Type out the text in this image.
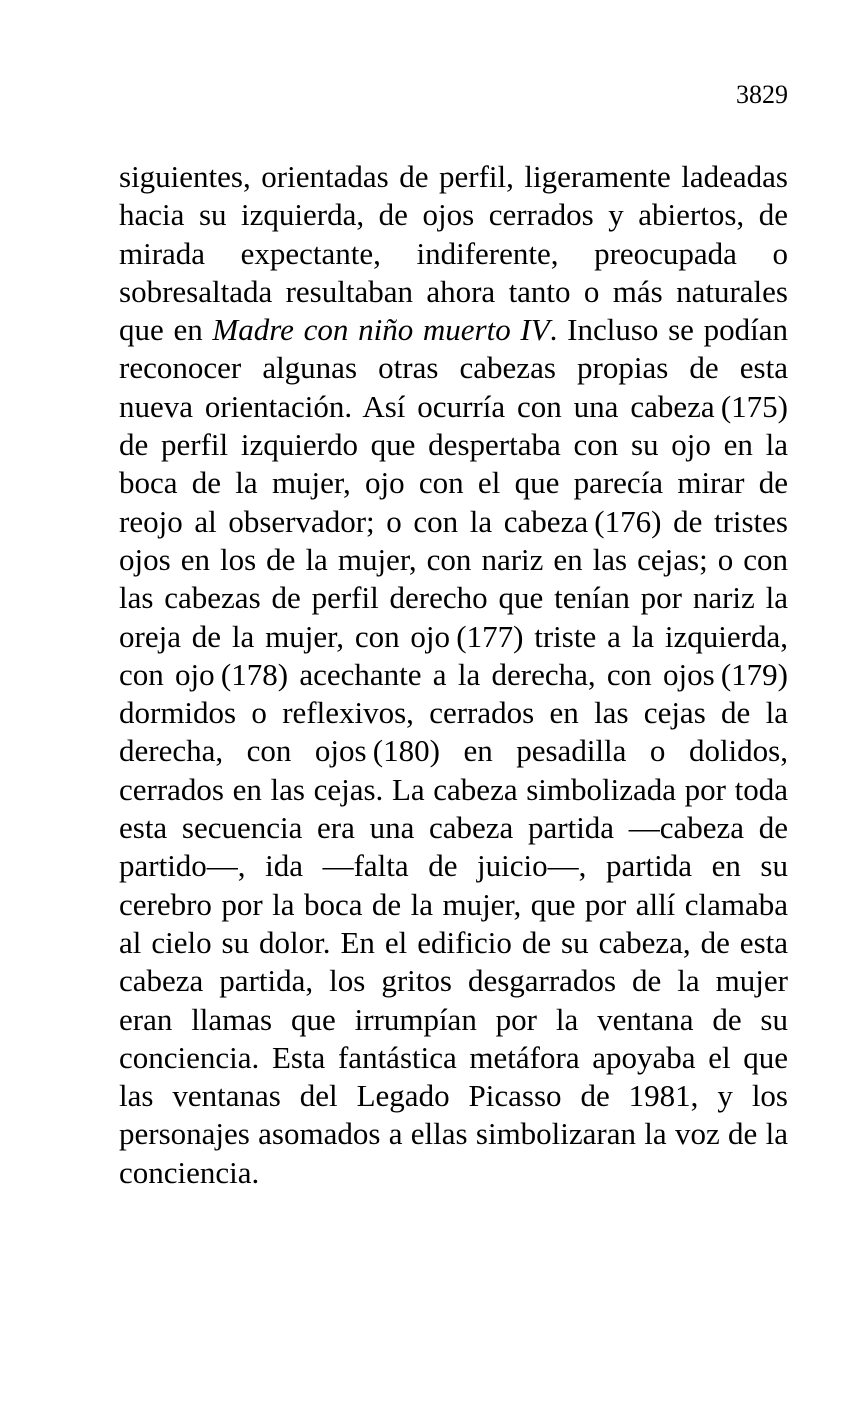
3829

siguientes, orientadas de perfil, ligeramente ladeadas hacia su izquierda, de ojos cerrados y abiertos, de mirada expectante, indiferente, preocupada o sobresaltada resultaban ahora tanto o más naturales que en Madre con niño muerto IV. Incluso se podían reconocer algunas otras cabezas propias de esta nueva orientación. Así ocurría con una cabeza (175) de perfil izquierdo que despertaba con su ojo en la boca de la mujer, ojo con el que parecía mirar de reojo al observador; o con la cabeza (176) de tristes ojos en los de la mujer, con nariz en las cejas; o con las cabezas de perfil derecho que tenían por nariz la oreja de la mujer, con ojo (177) triste a la izquierda, con ojo (178) acechante a la derecha, con ojos (179) dormidos o reflexivos, cerrados en las cejas de la derecha, con ojos (180) en pesadilla o dolidos, cerrados en las cejas. La cabeza simbolizada por toda esta secuencia era una cabeza partida —cabeza de partido—, ida —falta de juicio—, partida en su cerebro por la boca de la mujer, que por allí clamaba al cielo su dolor. En el edificio de su cabeza, de esta cabeza partida, los gritos desgarrados de la mujer eran llamas que irrumpían por la ventana de su conciencia. Esta fantástica metáfora apoyaba el que las ventanas del Legado Picasso de 1981, y los personajes asomados a ellas simbolizaran la voz de la conciencia.
